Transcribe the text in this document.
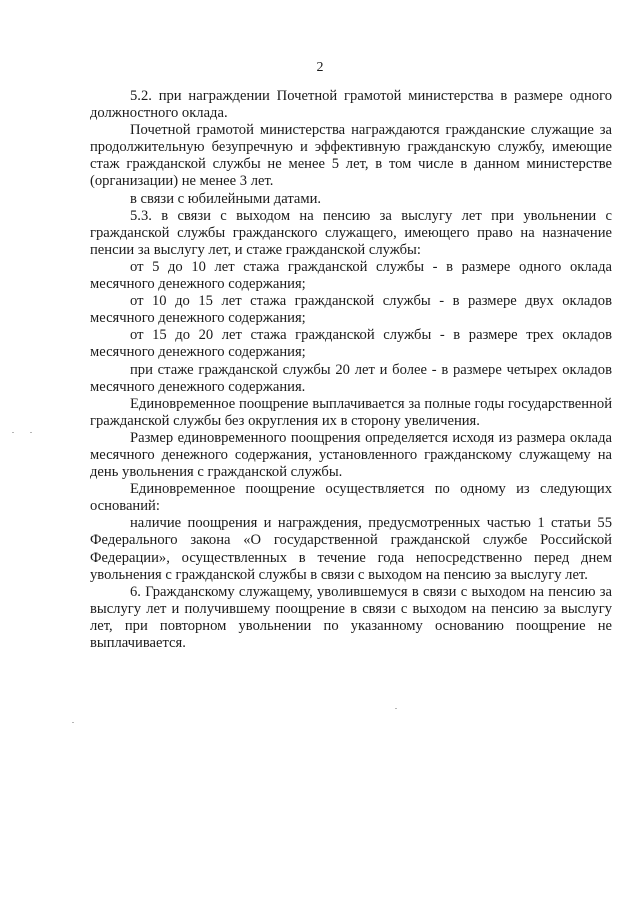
2

5.2. при награждении Почетной грамотой министерства в размере одного должностного оклада.

Почетной грамотой министерства награждаются гражданские служащие за продолжительную безупречную и эффективную гражданскую службу, имеющие стаж гражданской службы не менее 5 лет, в том числе в данном министерстве (организации) не менее 3 лет.

в связи с юбилейными датами.

5.3. в связи с выходом на пенсию за выслугу лет при увольнении с гражданской службы гражданского служащего, имеющего право на назначение пенсии за выслугу лет, и стаже гражданской службы:

от 5 до 10 лет стажа гражданской службы - в размере одного оклада месячного денежного содержания;

от 10 до 15 лет стажа гражданской службы - в размере двух окладов месячного денежного содержания;

от 15 до 20 лет стажа гражданской службы - в размере трех окладов месячного денежного содержания;

при стаже гражданской службы 20 лет и более - в размере четырех окладов месячного денежного содержания.

Единовременное поощрение выплачивается за полные годы государственной гражданской службы без округления их в сторону увеличения.

Размер единовременного поощрения определяется исходя из размера оклада месячного денежного содержания, установленного гражданскому служащему на день увольнения с гражданской службы.

Единовременное поощрение осуществляется по одному из следующих оснований:

наличие поощрения и награждения, предусмотренных частью 1 статьи 55 Федерального закона «О государственной гражданской службе Российской Федерации», осуществленных в течение года непосредственно перед днем увольнения с гражданской службы в связи с выходом на пенсию за выслугу лет.

6. Гражданскому служащему, уволившемуся в связи с выходом на пенсию за выслугу лет и получившему поощрение в связи с выходом на пенсию за выслугу лет, при повторном увольнении по указанному основанию поощрение не выплачивается.
